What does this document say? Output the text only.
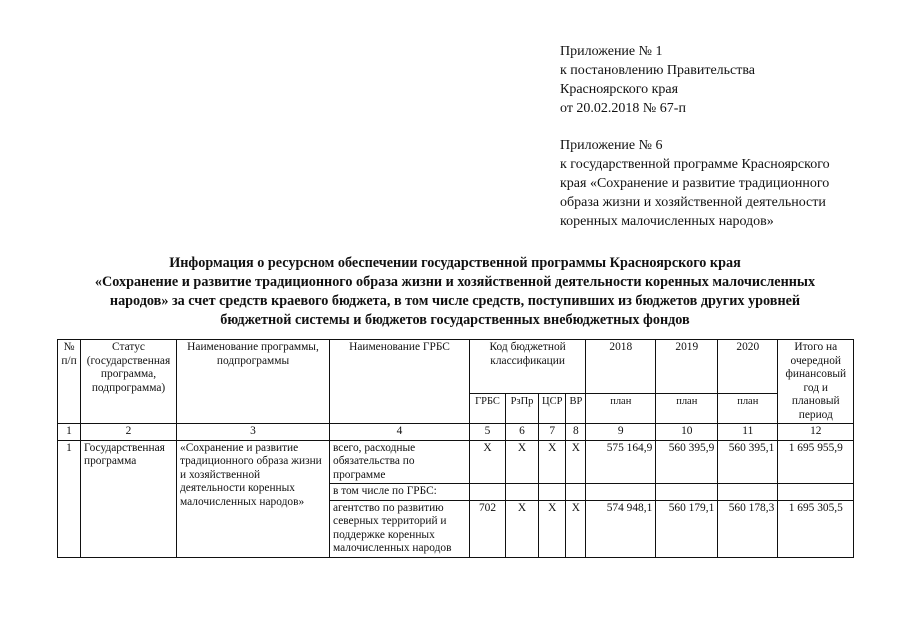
Приложение № 1
к постановлению Правительства
Красноярского края
от 20.02.2018 № 67-п
Приложение № 6
к государственной программе Красноярского
края «Сохранение и развитие традиционного
образа жизни и хозяйственной деятельности
коренных малочисленных народов»
Информация о ресурсном обеспечении государственной программы Красноярского края
«Сохранение и развитие традиционного образа жизни и хозяйственной деятельности коренных малочисленных
народов» за счет средств краевого бюджета, в том числе средств, поступивших из бюджетов других уровней
бюджетной системы и бюджетов государственных внебюджетных фондов
№ п/п	Статус (государственная программа, подпрограмма)	Наименование программы, подпрограммы	Наименование ГРБС	Код бюджетной классификации				2018	2019	2020	Итого на очередной финансовый год и плановый период
				ГРБС	РзПр	ЦСР	ВР	план	план	план	
1	2	3	4	5	6	7	8	9	10	11	12
1	Государственная программа	«Сохранение и развитие традиционного образа жизни и хозяйственной деятельности коренных малочисленных народов»	всего, расходные обязательства по программе	X	X	X	X	575 164,9	560 395,9	560 395,1	1 695 955,9
			в том числе по ГРБС:								
			агентство по развитию северных территорий и поддержке коренных малочисленных народов	702	X	X	X	574 948,1	560 179,1	560 178,3	1 695 305,5
